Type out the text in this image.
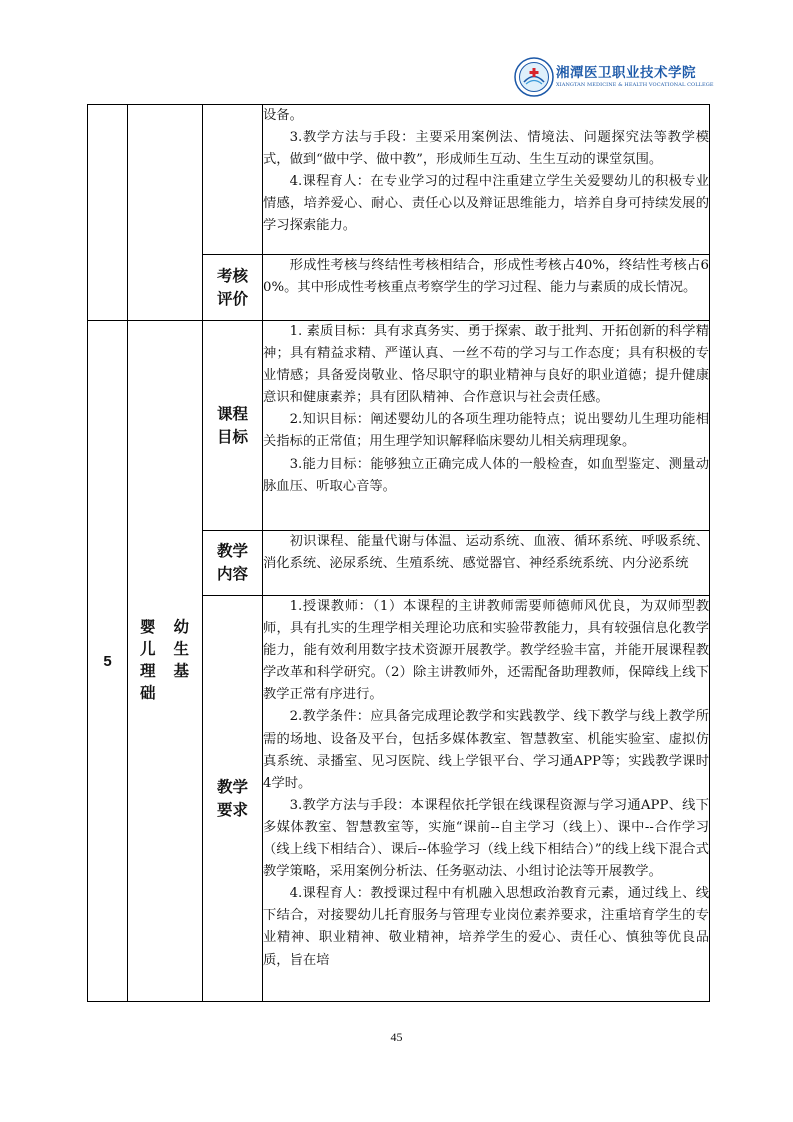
湘潭医卫职业技术学院
XIANGTAN MEDICINE & HEALTH VOCATIONAL COLLEGE

			设备。

3.教学方法与手段：主要采用案例法、情境法、问题探究法等教学模式，做到“做中学、做中教”，形成师生互动、生生互动的课堂氛围。

4.课程育人：在专业学习的过程中注重建立学生关爱婴幼儿的积极专业情感，培养爱心、耐心、责任心以及辩证思维能力，培养自身可持续发展的学习探索能力。

		考核评价	形成性考核与终结性考核相结合，形成性考核占40%，终结性考核占60%。其中形成性考核重点考察学生的学习过程、能力与素质的成长情况。

5	婴幼儿生理基础	课程目标	1. 素质目标：具有求真务实、勇于探索、敢于批判、开拓创新的科学精神；具有精益求精、严谨认真、一丝不苟的学习与工作态度；具有积极的专业情感；具备爱岗敬业、恪尽职守的职业精神与良好的职业道德；提升健康意识和健康素养；具有团队精神、合作意识与社会责任感。

2.知识目标：阐述婴幼儿的各项生理功能特点；说出婴幼儿生理功能相关指标的正常值；用生理学知识解释临床婴幼儿相关病理现象。

3.能力目标：能够独立正确完成人体的一般检查，如血型鉴定、测量动脉血压、听取心音等。

		教学内容	初识课程、能量代谢与体温、运动系统、血液、循环系统、呼吸系统、消化系统、泌尿系统、生殖系统、感觉器官、神经系统系统、内分泌系统

		教学要求	1.授课教师：（1）本课程的主讲教师需要师德师风优良，为双师型教师，具有扎实的生理学相关理论功底和实验带教能力，具有较强信息化教学能力，能有效利用数字技术资源开展教学。教学经验丰富，并能开展课程教学改革和科学研究。（2）除主讲教师外，还需配备助理教师，保障线上线下教学正常有序进行。

2.教学条件：应具备完成理论教学和实践教学、线下教学与线上教学所需的场地、设备及平台，包括多媒体教室、智慧教室、机能实验室、虚拟仿真系统、录播室、见习医院、线上学银平台、学习通APP等；实践教学课时4学时。

3.教学方法与手段：本课程依托学银在线课程资源与学习通APP、线下多媒体教室、智慧教室等，实施“课前--自主学习（线上）、课中--合作学习（线上线下相结合）、课后--体验学习（线上线下相结合）”的线上线下混合式教学策略，采用案例分析法、任务驱动法、小组讨论法等开展教学。

4.课程育人：教授课过程中有机融入思想政治教育元素，通过线上、线下结合，对接婴幼儿托育服务与管理专业岗位素养要求，注重培育学生的专业精神、职业精神、敬业精神，培养学生的爱心、责任心、慎独等优良品质，旨在培

45
